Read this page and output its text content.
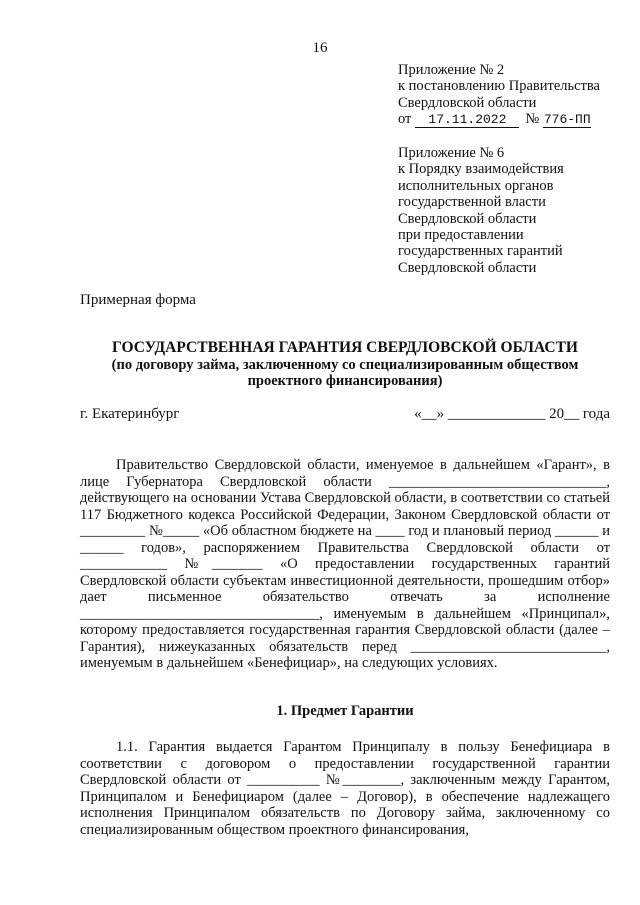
16
Приложение № 2
к постановлению Правительства
Свердловской области
от	17.11.2022	№ 776-ПП
Приложение № 6
к Порядку взаимодействия
исполнительных органов
государственной власти
Свердловской области
при предоставлении
государственных гарантий
Свердловской области
Примерная форма
ГОСУДАРСТВЕННАЯ ГАРАНТИЯ СВЕРДЛОВСКОЙ ОБЛАСТИ
(по договору займа, заключенному со специализированным обществом проектного финансирования)
г. Екатеринбург	«__» _____________ 20__ года

Правительство Свердловской области, именуемое в дальнейшем «Гарант», в лице Губернатора Свердловской области ______________________________, действующего на основании Устава Свердловской области, в соответствии со статьей 117 Бюджетного кодекса Российской Федерации, Законом Свердловской области от _________ №_____ «Об областном бюджете на ____ год и плановый период ______ и ______ годов», распоряжением Правительства Свердловской области от ____________ №_______ «О предоставлении государственных гарантий Свердловской области субъектам инвестиционной деятельности, прошедшим отбор» дает письменное обязательство отвечать за исполнение _________________________________, именуемым в дальнейшем «Принципал», которому предоставляется государственная гарантия Свердловской области (далее – Гарантия), нижеуказанных обязательств перед ___________________________, именуемым в дальнейшем «Бенефициар», на следующих условиях.

1. Предмет Гарантии

1.1. Гарантия выдается Гарантом Принципалу в пользу Бенефициара в соответствии с договором о предоставлении государственной гарантии Свердловской области от __________ №________, заключенным между Гарантом, Принципалом и Бенефициаром (далее – Договор), в обеспечение надлежащего исполнения Принципалом обязательств по Договору займа, заключенному со специализированным обществом проектного финансирования,
